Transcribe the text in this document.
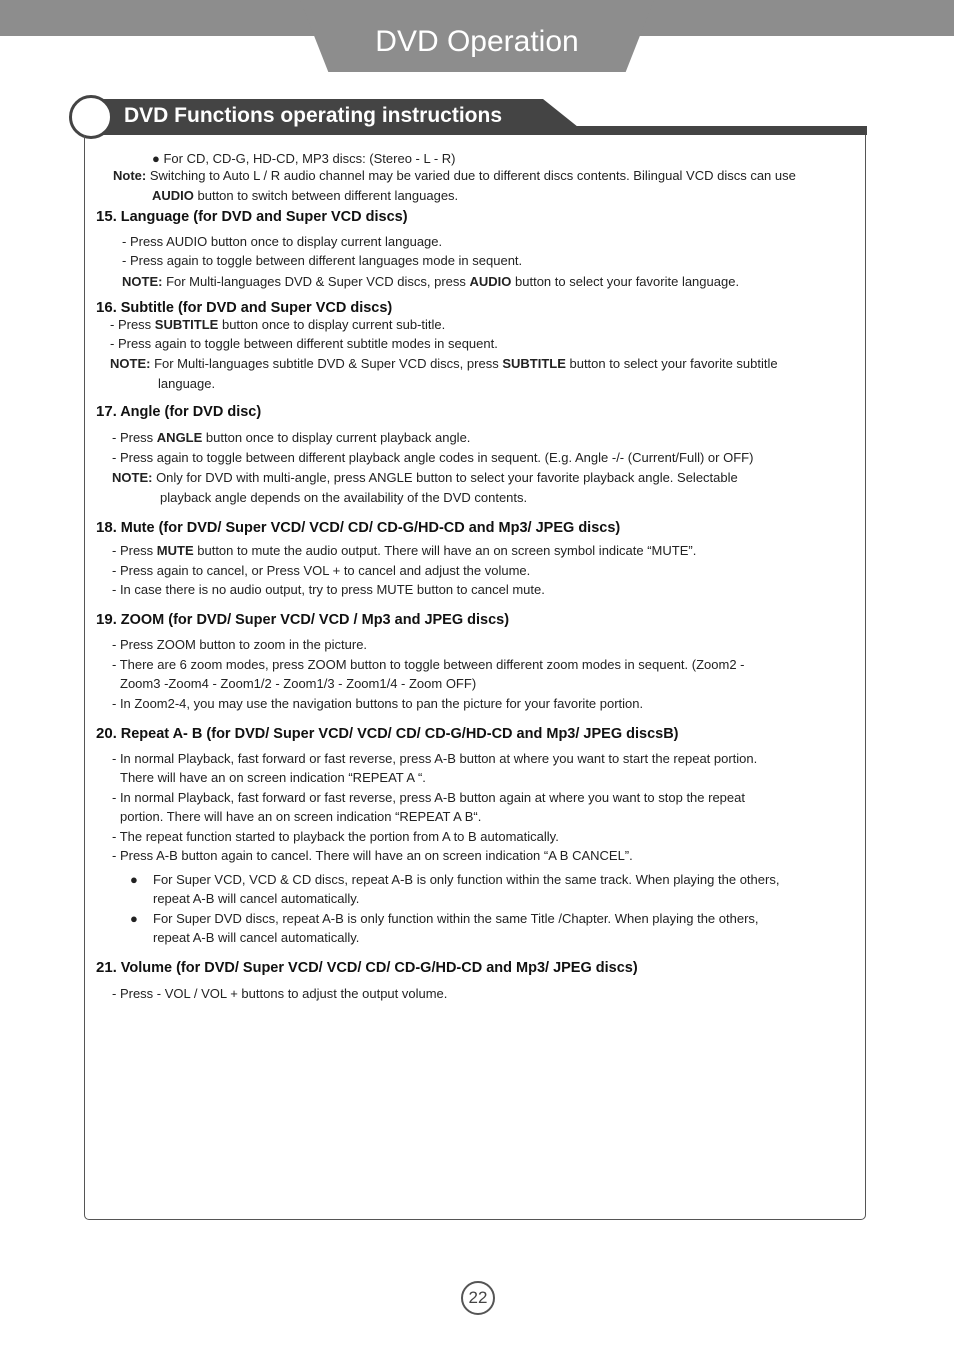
DVD Operation
DVD Functions operating instructions
● For CD, CD-G, HD-CD, MP3 discs: (Stereo - L - R)
Note: Switching to Auto L / R audio channel may be varied due to different discs contents. Bilingual VCD discs can use
AUDIO button to switch between different languages.
15. Language (for DVD and Super VCD discs)
- Press AUDIO button once to display current language.
- Press again to toggle between different languages mode in sequent.
NOTE: For Multi-languages DVD & Super VCD discs, press AUDIO button to select your favorite language.
16. Subtitle (for DVD and Super VCD discs)
- Press SUBTITLE button once to display current sub-title.
- Press again to toggle between different subtitle modes in sequent.
NOTE: For Multi-languages subtitle DVD & Super VCD discs, press SUBTITLE button to select your favorite subtitle
language.
17. Angle (for DVD disc)
- Press ANGLE button once to display current playback angle.
- Press again to toggle between different playback angle codes in sequent. (E.g. Angle -/- (Current/Full) or OFF)
NOTE: Only for DVD with multi-angle, press ANGLE button to select your favorite playback angle. Selectable
playback angle depends on the availability of the DVD contents.
18. Mute (for DVD/ Super VCD/ VCD/ CD/ CD-G/HD-CD and Mp3/ JPEG discs)
- Press MUTE button to mute the audio output. There will have an on screen symbol indicate “MUTE”.
- Press again to cancel, or Press VOL + to cancel and adjust the volume.
- In case there is no audio output, try to press MUTE button to cancel mute.
19. ZOOM (for DVD/ Super VCD/ VCD / Mp3 and JPEG discs)
- Press ZOOM button to zoom in the picture.
- There are 6 zoom modes, press ZOOM button to toggle between different zoom modes in sequent. (Zoom2 -
Zoom3 -Zoom4 - Zoom1/2 - Zoom1/3 - Zoom1/4 - Zoom OFF)
- In Zoom2-4, you may use the navigation buttons to pan the picture for your favorite portion.
20. Repeat A- B (for DVD/ Super VCD/ VCD/ CD/ CD-G/HD-CD and Mp3/ JPEG discsB)
- In normal Playback, fast forward or fast reverse, press A-B button at where you want to start the repeat portion.
There will have an on screen indication “REPEAT A “.
- In normal Playback, fast forward or fast reverse, press A-B button again at where you want to stop the repeat
portion. There will have an on screen indication “REPEAT A B“.
- The repeat function started to playback the portion from A to B automatically.
- Press A-B button again to cancel. There will have an on screen indication “A B CANCEL”.
● For Super VCD, VCD & CD discs, repeat A-B is only function within the same track. When playing the others,
repeat A-B will cancel automatically.
● For Super DVD discs, repeat A-B is only function within the same Title /Chapter. When playing the others,
repeat A-B will cancel automatically.
21. Volume (for DVD/ Super VCD/ VCD/ CD/ CD-G/HD-CD and Mp3/ JPEG discs)
- Press - VOL / VOL + buttons to adjust the output volume.
22
